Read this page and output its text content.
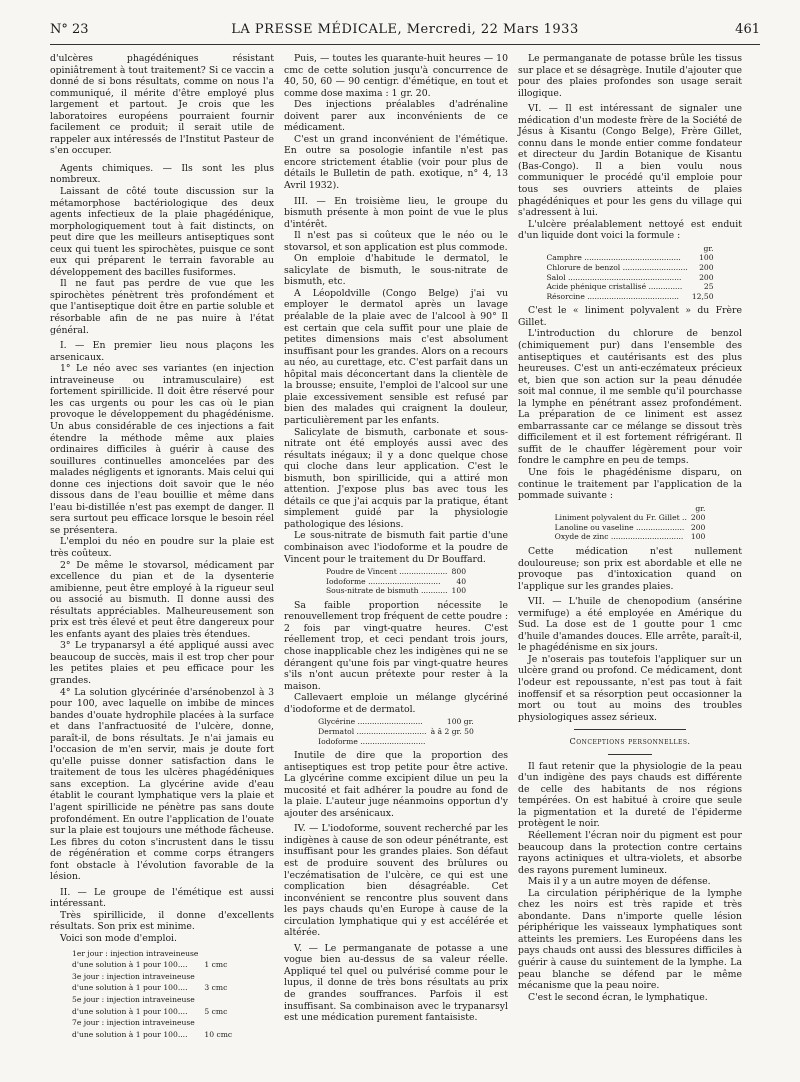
N° 23	LA PRESSE MÉDICALE, Mercredi, 22 Mars 1933	461

d'ulcères phagédéniques résistant opiniâtrement à tout traitement? Si ce vaccin a donné de si bons résultats, comme on nous l'a communiqué, il mérite d'être employé plus largement et partout. Je crois que les laboratoires européens pourraient fournir facilement ce produit; il serait utile de rappeler aux intéressés de l'Institut Pasteur de s'en occuper.

Agents chimiques. — Ils sont les plus nombreux.

Laissant de côté toute discussion sur la métamorphose bactériologique des deux agents infectieux de la plaie phagédénique, morphologiquement tout à fait distincts, on peut dire que les meilleurs antiseptiques sont ceux qui tuent les spirochètes, puisque ce sont eux qui préparent le terrain favorable au développement des bacilles fusiformes.

Il ne faut pas perdre de vue que les spirochètes pénètrent très profondément et que l'antiseptique doit être en partie soluble et résorbable afin de ne pas nuire à l'état général.

I. — En premier lieu nous plaçons les arsenicaux.

1° Le néo avec ses variantes (en injection intraveineuse ou intramusculaire) est fortement spirillicide. Il doit être réservé pour les cas urgents ou pour les cas où le pian provoque le développement du phagédénisme. Un abus considérable de ces injections a fait étendre la méthode même aux plaies ordinaires difficiles à guérir à cause des souillures continuelles amoncelées par des malades négligents et ignorants. Mais celui qui donne ces injections doit savoir que le néo dissous dans de l'eau bouillie et même dans l'eau bi-distillée n'est pas exempt de danger. Il sera surtout peu efficace lorsque le besoin réel se présentera.

L'emploi du néo en poudre sur la plaie est très coûteux.

2° De même le stovarsol, médicament par excellence du pian et de la dysenterie amibienne, peut être employé à la rigueur seul ou associé au bismuth. Il donne aussi des résultats appréciables. Malheureusement son prix est très élevé et peut être dangereux pour les enfants ayant des plaies très étendues.

3° Le trypanarsyl a été appliqué aussi avec beaucoup de succès, mais il est trop cher pour les petites plaies et peu efficace pour les grandes.

4° La solution glycérinée d'arsénobenzol à 3 pour 100, avec laquelle on imbibe de minces bandes d'ouate hydrophile placées à la surface et dans l'anfractuosité de l'ulcère, donne, paraît-il, de bons résultats. Je n'ai jamais eu l'occasion de m'en servir, mais je doute fort qu'elle puisse donner satisfaction dans le traitement de tous les ulcères phagédéniques sans exception. La glycérine avide d'eau établit le courant lymphatique vers la plaie et l'agent spirillicide ne pénètre pas sans doute profondément. En outre l'application de l'ouate sur la plaie est toujours une méthode fâcheuse. Les fibres du coton s'incrustent dans le tissu de régénération et comme corps étrangers font obstacle à l'évolution favorable de la lésion.

II. — Le groupe de l'émétique est aussi intéressant.

Très spirillicide, il donne d'excellents résultats. Son prix est minime.

Voici son mode d'emploi.

1er jour : injection intraveineuse	
d'une solution à 1 pour 100....	1 cmc
3e jour : injection intraveineuse	
d'une solution à 1 pour 100....	3 cmc
5e jour : injection intraveineuse	
d'une solution à 1 pour 100....	5 cmc
7e jour : injection intraveineuse	
d'une solution à 1 pour 100....	10 cmc

Puis, — toutes les quarante-huit heures — 10 cmc de cette solution jusqu'à concurrence de 40, 50, 60 — 90 centigr. d'émétique, en tout et comme dose maxima : 1 gr. 20.

Des injections préalables d'adrénaline doivent parer aux inconvénients de ce médicament.

C'est un grand inconvénient de l'émétique. En outre sa posologie infantile n'est pas encore strictement établie (voir pour plus de détails le Bulletin de path. exotique, n° 4, 13 Avril 1932).

III. — En troisième lieu, le groupe du bismuth présente à mon point de vue le plus d'intérêt.

Il n'est pas si coûteux que le néo ou le stovarsol, et son application est plus commode.

On emploie d'habitude le dermatol, le salicylate de bismuth, le sous-nitrate de bismuth, etc.

A Léopoldville (Congo Belge) j'ai vu employer le dermatol après un lavage préalable de la plaie avec de l'alcool à 90° Il est certain que cela suffit pour une plaie de petites dimensions mais c'est absolument insuffisant pour les grandes. Alors on a recours au néo, au curettage, etc. C'est parfait dans un hôpital mais déconcertant dans la clientèle de la brousse; ensuite, l'emploi de l'alcool sur une plaie excessivement sensible est refusé par bien des malades qui craignent la douleur, particulièrement par les enfants.

Salicylate de bismuth, carbonate et sous-nitrate ont été employés aussi avec des résultats inégaux; il y a donc quelque chose qui cloche dans leur application. C'est le bismuth, bon spirillicide, qui a attiré mon attention. J'expose plus bas avec tous les détails ce que j'ai acquis par la pratique, étant simplement guidé par la physiologie pathologique des lésions.

Le sous-nitrate de bismuth fait partie d'une combinaison avec l'iodoforme et la poudre de Vincent pour le traitement du Dr Bouffard.

Poudre de Vincent ....................	800
Iodoforme ..............................	40
Sous-nitrate de bismuth ...........	100

Sa faible proportion nécessite le renouvellement trop fréquent de cette poudre : 2 fois par vingt-quatre heures. C'est réellement trop, et ceci pendant trois jours, chose inapplicable chez les indigènes qui ne se dérangent qu'une fois par vingt-quatre heures s'ils n'ont aucun prétexte pour rester à la maison.

Callevaert emploie un mélange glycériné d'iodoforme et de dermatol.

Glycérine ...........................	100 gr.
Dermatol .............................	à â 2 gr. 50
Iodoforme ...........................	

Inutile de dire que la proportion des antiseptiques est trop petite pour être active. La glycérine comme excipient dilue un peu la mucosité et fait adhérer la poudre au fond de la plaie. L'auteur juge néanmoins opportun d'y ajouter des arsénicaux.

IV. — L'iodoforme, souvent recherché par les indigènes à cause de son odeur pénétrante, est insuffisant pour les grandes plaies. Son défaut est de produire souvent des brûlures ou l'eczématisation de l'ulcère, ce qui est une complication bien désagréable. Cet inconvénient se rencontre plus souvent dans les pays chauds qu'en Europe à cause de la circulation lymphatique qui y est accélérée et altérée.

V. — Le permanganate de potasse a une vogue bien au-dessus de sa valeur réelle. Appliqué tel quel ou pulvérisé comme pour le lupus, il donne de très bons résultats au prix de grandes souffrances. Parfois il est insuffisant. Sa combinaison avec le trypanarsyl est une médication purement fantaisiste.

Le permanganate de potasse brûle les tissus sur place et se désagrège. Inutile d'ajouter que pour des plaies profondes son usage serait illogique.

VI. — Il est intéressant de signaler une médication d'un modeste frère de la Société de Jésus à Kisantu (Congo Belge), Frère Gillet, connu dans le monde entier comme fondateur et directeur du Jardin Botanique de Kisantu (Bas-Congo). Il a bien voulu nous communiquer le procédé qu'il emploie pour tous ses ouvriers atteints de plaies phagédéniques et pour les gens du village qui s'adressent à lui.

L'ulcère préalablement nettoyé est enduit d'un liquide dont voici la formule :

	gr.
Camphre ........................................	100
Chlorure de benzol ...........................	200
Salol ...............................................	200
Acide phénique cristallisé ..............	25
Résorcine ......................................	12,50

C'est le « liniment polyvalent » du Frère Gillet.

L'introduction du chlorure de benzol (chimiquement pur) dans l'ensemble des antiseptiques et cautérisants est des plus heureuses. C'est un anti-eczémateux précieux et, bien que son action sur la peau dénudée soit mal connue, il me semble qu'il pourchasse la lymphe en pénétrant assez profondément. La préparation de ce liniment est assez embarrassante car ce mélange se dissout très difficilement et il est fortement réfrigérant. Il suffit de le chauffer légèrement pour voir fondre le camphre en peu de temps.

Une fois le phagédénisme disparu, on continue le traitement par l'application de la pommade suivante :

	gr.
Liniment polyvalent du Fr. Gillet ..	200
Lanoline ou vaseline ....................	200
Oxyde de zinc ..............................	100

Cette médication n'est nullement douloureuse; son prix est abordable et elle ne provoque pas d'intoxication quand on l'applique sur les grandes plaies.

VII. — L'huile de chenopodium (ansérine vermifuge) a été employée en Amérique du Sud. La dose est de 1 goutte pour 1 cmc d'huile d'amandes douces. Elle arrête, paraît-il, le phagédénisme en six jours.

Je n'oserais pas toutefois l'appliquer sur un ulcère grand ou profond. Ce médicament, dont l'odeur est repoussante, n'est pas tout à fait inoffensif et sa résorption peut occasionner la mort ou tout au moins des troubles physiologiques assez sérieux.

Conceptions personnelles.

Il faut retenir que la physiologie de la peau d'un indigène des pays chauds est différente de celle des habitants de nos régions tempérées. On est habitué à croire que seule la pigmentation et la dureté de l'épiderme protègent le noir.

Réellement l'écran noir du pigment est pour beaucoup dans la protection contre certains rayons actiniques et ultra-violets, et absorbe des rayons purement lumineux.

Mais il y a un autre moyen de défense.

La circulation périphérique de la lymphe chez les noirs est très rapide et très abondante. Dans n'importe quelle lésion périphérique les vaisseaux lymphatiques sont atteints les premiers. Les Européens dans les pays chauds ont aussi des blessures difficiles à guérir à cause du suintement de la lymphe. La peau blanche se défend par le même mécanisme que la peau noire.

C'est le second écran, le lymphatique.
